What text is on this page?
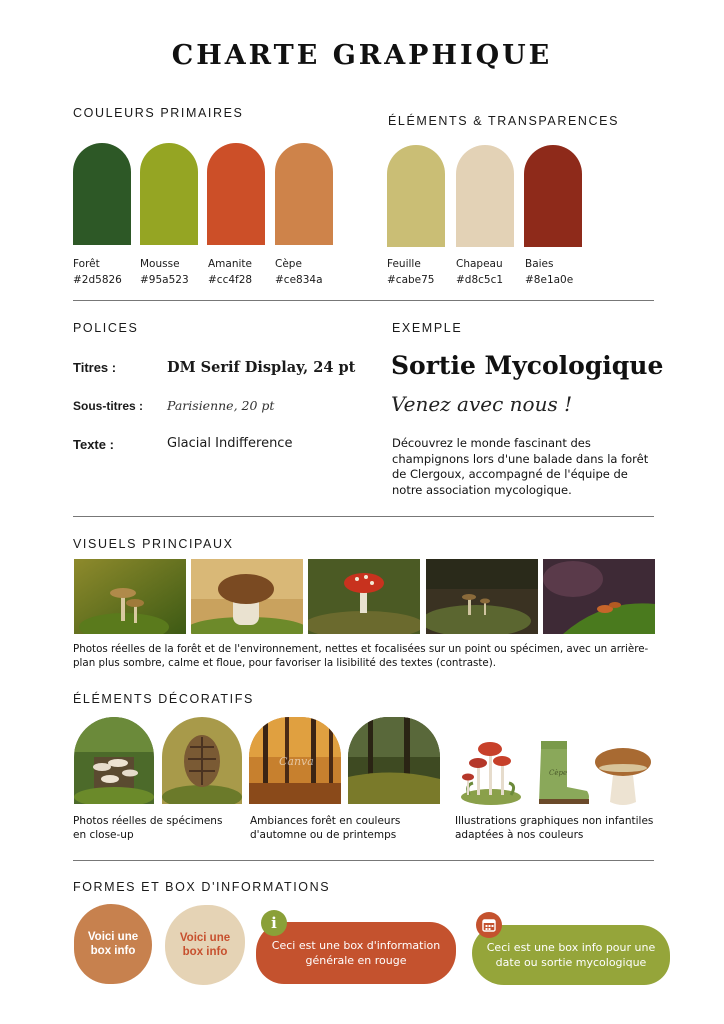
CHARTE GRAPHIQUE
COULEURS PRIMAIRES
Forêt
#2d5826
Mousse
#95a523
Amanite
#cc4f28
Cèpe
#ce834a
ÉLÉMENTS & TRANSPARENCES
Feuille
#cabe75
Chapeau
#d8c5c1
Baies
#8e1a0e
POLICES
Titres :	DM Serif Display, 24 pt
Sous-titres : Parisienne, 20 pt
Texte :	Glacial Indifference
EXEMPLE
Sortie Mycologique
Venez avec nous !
Découvrez le monde fascinant des champignons lors d'une balade dans la forêt de Clergoux, accompagné de l'équipe de notre association mycologique.
VISUELS PRINCIPAUX
Photos réelles de la forêt et de l'environnement, nettes et focalisées sur un point ou spécimen, avec un arrière-plan plus sombre, calme et floue, pour favoriser la lisibilité des textes (contraste).
ÉLÉMENTS DÉCORATIFS
Canva
Cèpe
Photos réelles de spécimens en close-up
Ambiances forêt en couleurs d'automne ou de printemps
Illustrations graphiques non infantiles adaptées à nos couleurs
FORMES ET BOX D'INFORMATIONS
Voici une box info
Voici une box info	Ceci est une box d'information générale en rouge
i
Ceci est une box info pour une date ou sortie mycologique
